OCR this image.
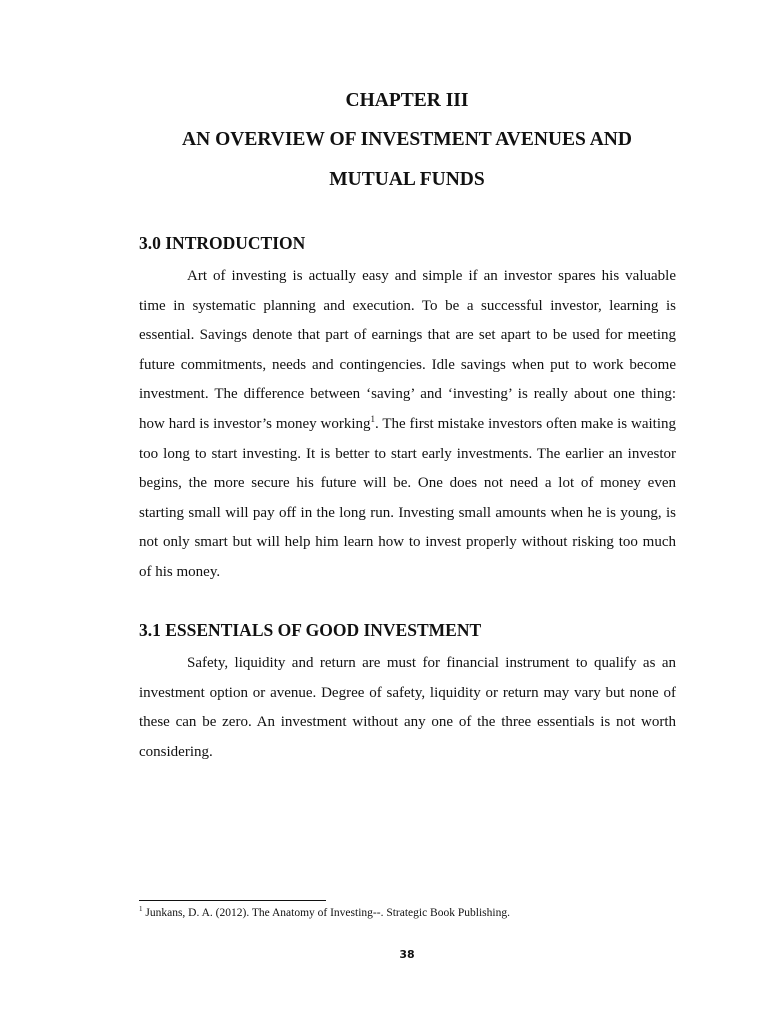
CHAPTER III
AN OVERVIEW OF INVESTMENT AVENUES AND
MUTUAL FUNDS
3.0 INTRODUCTION

Art of investing is actually easy and simple if an investor spares his valuable time in systematic planning and execution. To be a successful investor, learning is essential. Savings denote that part of earnings that are set apart to be used for meeting future commitments, needs and contingencies. Idle savings when put to work become investment. The difference between ‘saving’ and ‘investing’ is really about one thing: how hard is investor’s money working$^1$. The first mistake investors often make is waiting too long to start investing. It is better to start early investments. The earlier an investor begins, the more secure his future will be. One does not need a lot of money even starting small will pay off in the long run. Investing small amounts when he is young, is not only smart but will help him learn how to invest properly without risking too much of his money.

3.1 ESSENTIALS OF GOOD INVESTMENT

Safety, liquidity and return are must for financial instrument to qualify as an investment option or avenue. Degree of safety, liquidity or return may vary but none of these can be zero. An investment without any one of the three essentials is not worth considering.

$^1$ Junkans, D. A. (2012). The Anatomy of Investing--. Strategic Book Publishing.
38
